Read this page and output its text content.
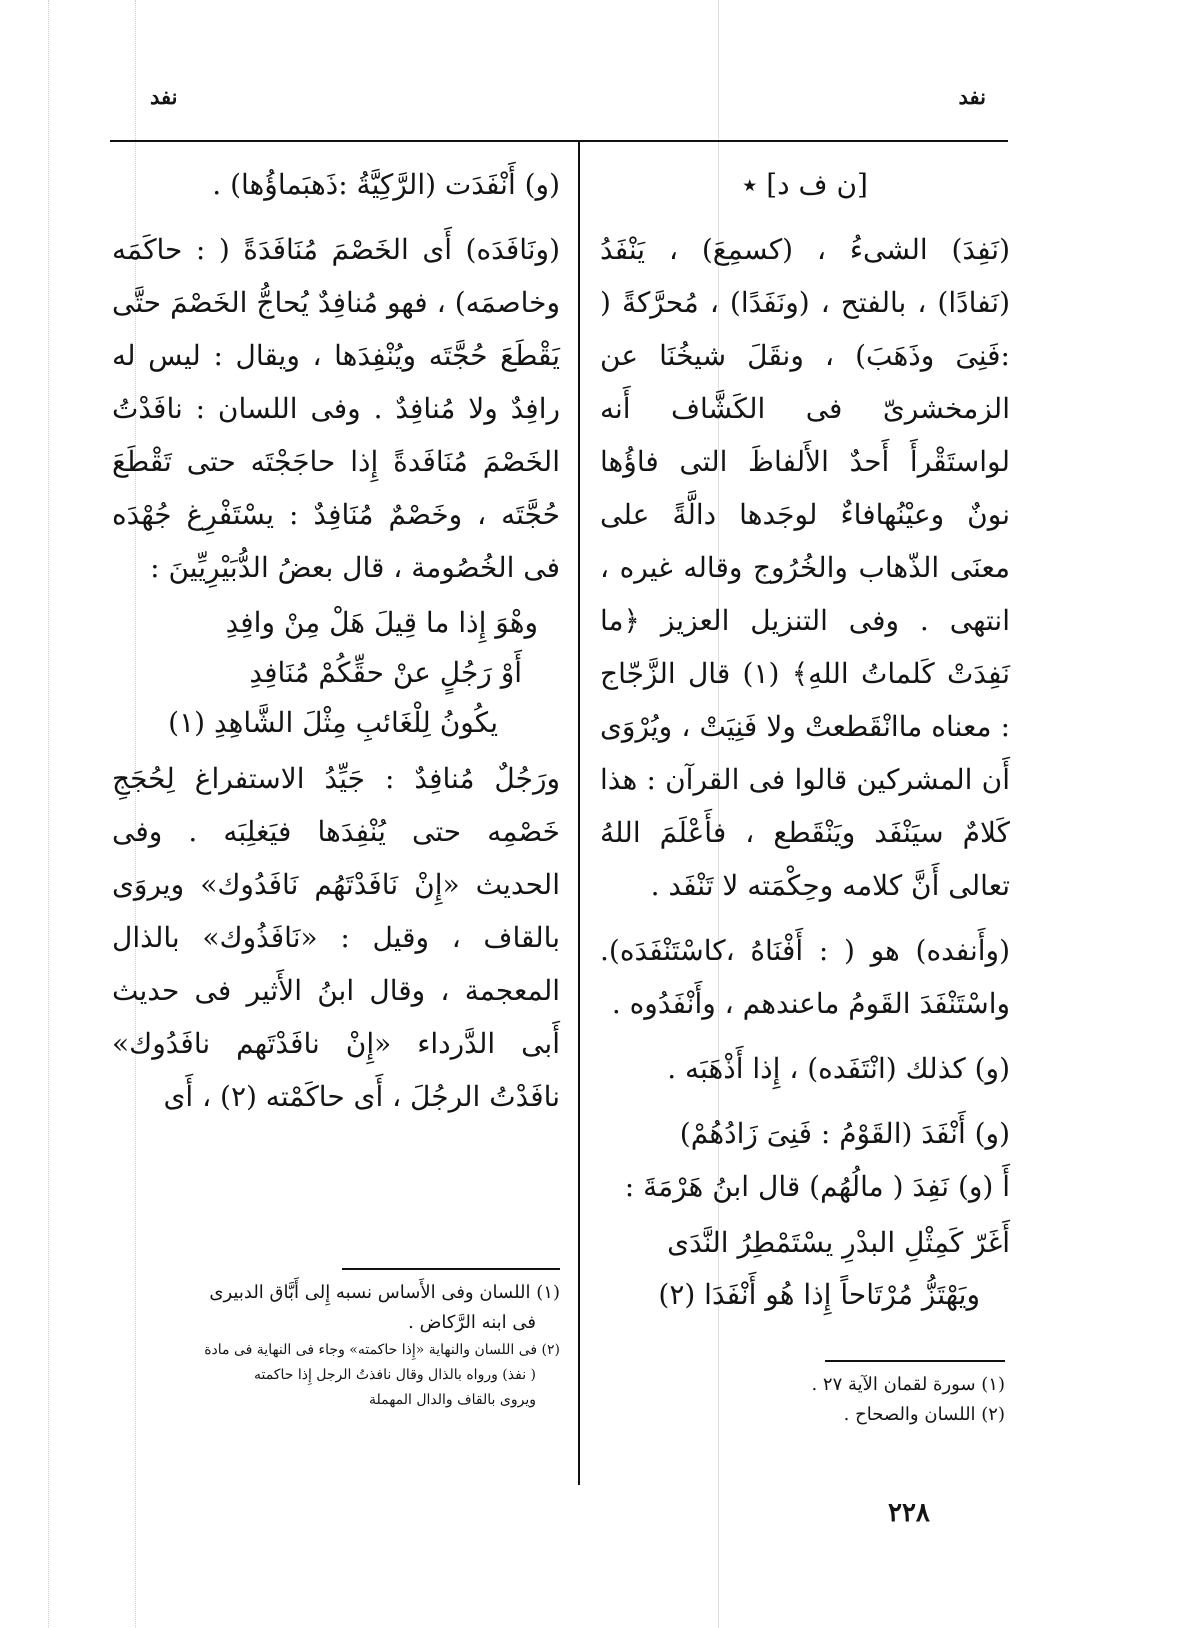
نفد
نفد

[ن ف د] ٭

(نَفِدَ) الشىءُ ، (كسمِعَ) ، يَنْفَدُ (نَفادًا) ، بالفتح ، (ونَفَدًا) ، مُحرَّكةً ( :فَنِىَ وذَهَبَ) ، ونقَلَ شيخُنَا عن الزمخشرىّ فى الكَشَّاف أَنه لواستَقْرأَ أَحدٌ الأَلفاظَ التى فاؤُها نونٌ وعيْنُهافاءٌ لوجَدها دالَّةً على معنَى الذّهاب والخُرُوج وقاله غيره ، انتهى . وفى التنزيل العزيز ﴿ما نَفِدَتْ كَلماتُ اللهِ﴾ (١) قال الزَّجّاج : معناه ماانْقَطعتْ ولا فَنِيَتْ ، ويُرْوَى أَن المشركين قالوا فى القرآن : هذا كَلامٌ سيَنْفَد ويَنْقَطع ، فأَعْلَمَ اللهُ تعالى أَنَّ كلامه وحِكْمَته لا تَنْفَد .

(وأَنفده) هو ( : أَفْنَاهُ ،كاسْتَنْفَدَه). واسْتَنْفَدَ القَومُ ماعندهم ، وأَنْفَدُوه .

(و) كذلك (انْتَفَده) ، إِذا أَذْهَبَه .

(و) أَنْفَدَ (القَوْمُ : فَنِىَ زَادُهُمْ)

أَ (و) نَفِدَ ( مالُهُم) قال ابنُ هَرْمَةَ :

أَغَرّ كَمِثْلِ البدْرِ يسْتَمْطِرُ النَّدَى

ويَهْتَزُّ مُرْتَاحاً إِذا هُو أَنْفَدَا (٢)

(و) أَنْفَدَت (الرَّكِيَّةُ :ذَهبَماؤُها) .

(ونَافَدَه) أَى الخَصْمَ مُنَافَدَةً ( : حاكَمَه وخاصمَه) ، فهو مُنافِدٌ يُحاجُّ الخَصْمَ حتَّى يَقْطَعَ حُجَّتَه ويُنْفِدَها ، ويقال : ليس له رافِدٌ ولا مُنافِدٌ . وفى اللسان : نافَدْتُ الخَصْمَ مُنَافَدةً إِذا حاجَجْتَه حتى تَقْطَعَ حُجَّتَه ، وخَصْمٌ مُنَافِدٌ : يسْتَفْرِغ جُهْدَه فى الخُصُومة ، قال بعضُ الدُّبَيْرِيِّينَ :

وهْوَ إِذا ما قِيلَ هَلْ مِنْ وافِدِ

أَوْ رَجُلٍ عنْ حقِّكُمْ مُنَافِدِ

يكُونُ لِلْغَائبِ مِثْلَ الشَّاهِدِ (١)

ورَجُلٌ مُنافِدٌ : جَيِّدُ الاستفراغ لِحُجَجِ خَصْمِه حتى يُنْفِدَها فيَغلِبَه . وفى الحديث «إِنْ نَافَدْتَهُم نَافَدُوك» ويروَى بالقاف ، وقيل : «نَافَذُوك» بالذال المعجمة ، وقال ابنُ الأَثير فى حديث أَبى الدَّرداء «إِنْ نافَدْتَهم نافَدُوك» نافَدْتُ الرجُلَ ، أَى حاكَمْته (٢) ، أَى

(١) سورة لقمان الآية ٢٧ .

(٢) اللسان والصحاح .

(١) اللسان وفى الأَساس نسبه إِلى أَبَّاق الدبيرى

فى ابنه الرَّكاض .

(٢) فى اللسان والنهاية «إِذا حاكمته» وجاء فى النهاية فى مادة

( نفذ) ورواه بالذال وقال نافذتُ الرجل إِذا حاكمته

ويروى بالقاف والدال المهملة

٢٢٨
